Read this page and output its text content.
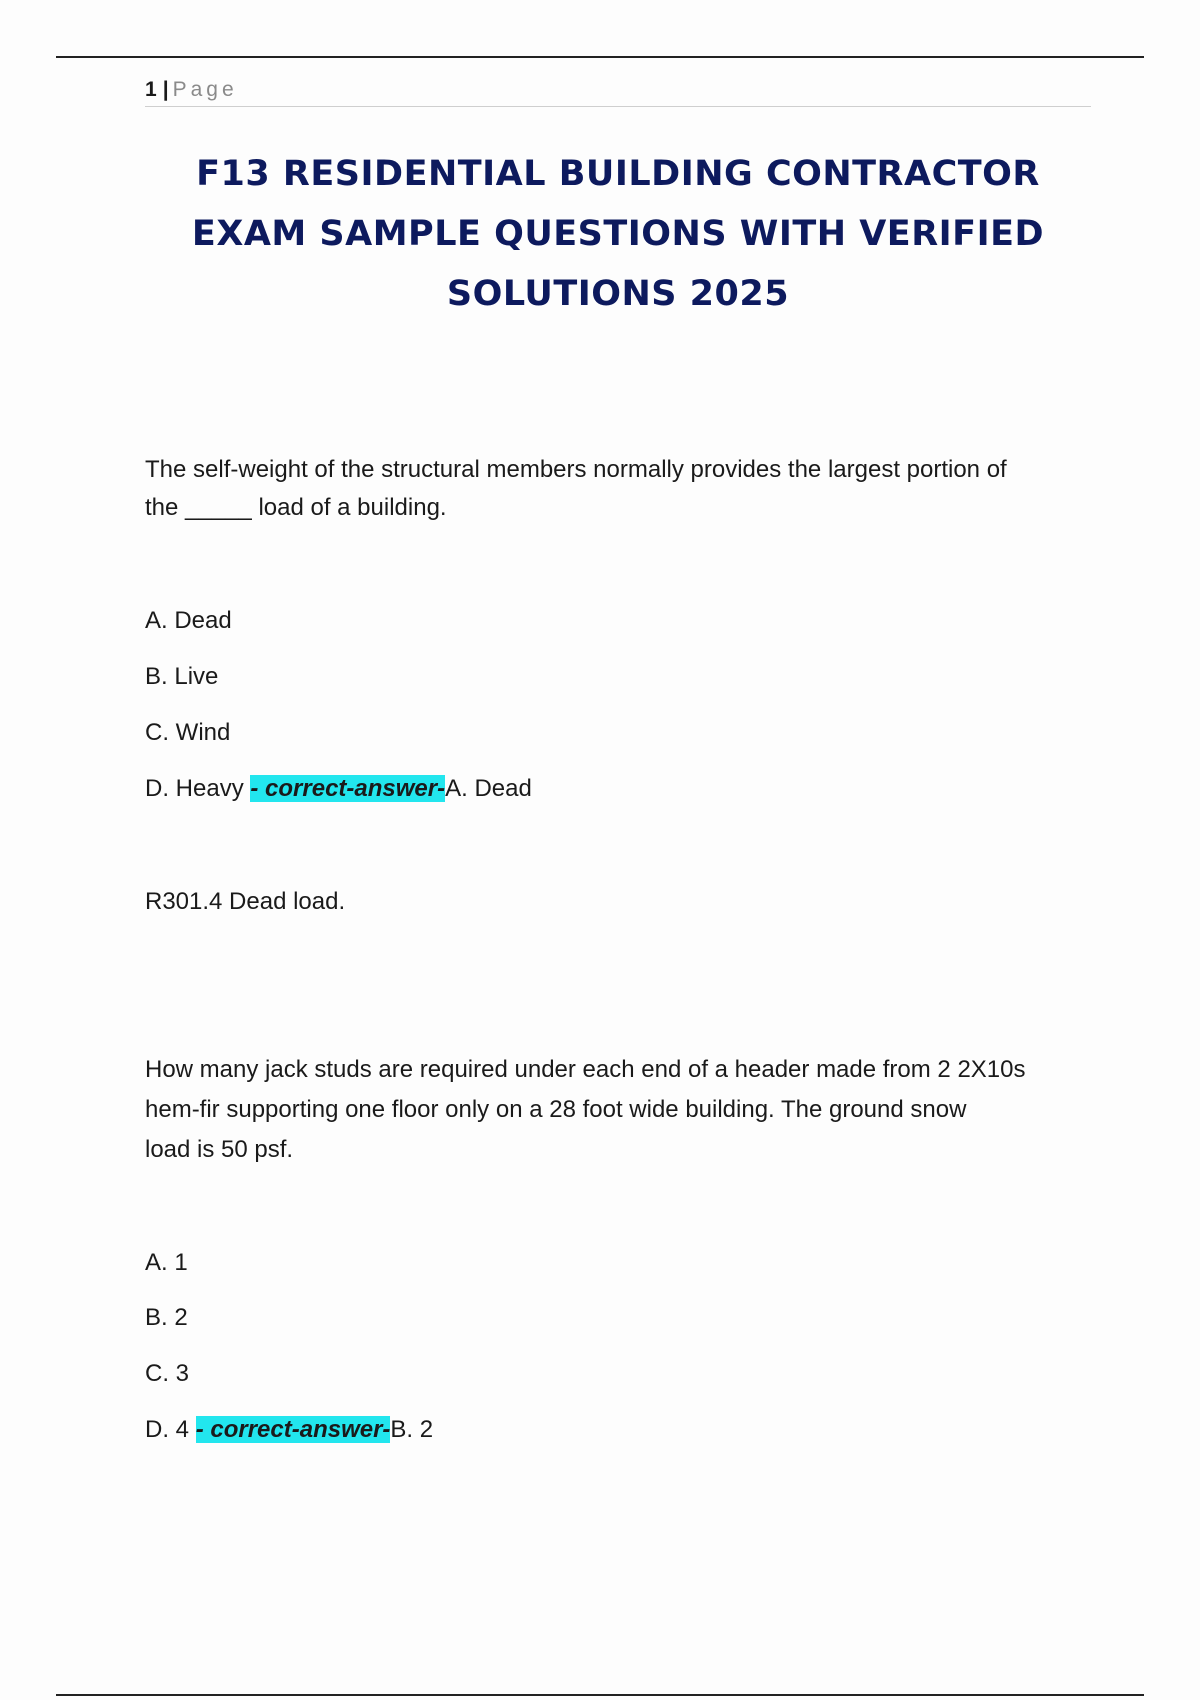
1 | Page
F13 RESIDENTIAL BUILDING CONTRACTOR
EXAM SAMPLE QUESTIONS WITH VERIFIED
SOLUTIONS 2025
The self-weight of the structural members normally provides the largest portion of
the _____ load of a building.
A. Dead
B. Live
C. Wind
D. Heavy - correct-answer-A. Dead
R301.4 Dead load.
How many jack studs are required under each end of a header made from 2 2X10s
hem-fir supporting one floor only on a 28 foot wide building. The ground snow
load is 50 psf.
A. 1
B. 2
C. 3
D. 4 - correct-answer-B. 2
